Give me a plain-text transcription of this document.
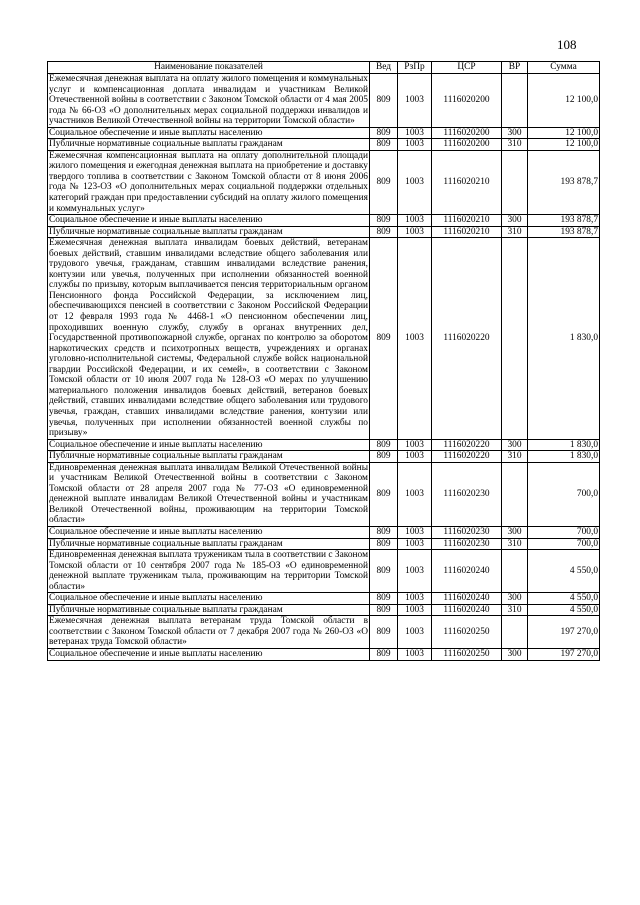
108
Наименование показателей	Вед	РзПр	ЦСР	ВР	Сумма
Ежемесячная денежная выплата на оплату жилого помещения и коммунальных услуг и компенсационная доплата инвалидам и участникам Великой Отечественной войны в соответствии с Законом Томской области от 4 мая 2005 года № 66-ОЗ «О дополнительных мерах социальной поддержки инвалидов и участников Великой Отечественной войны на территории Томской области»	809	1003	1116020200		12 100,0
Социальное обеспечение и иные выплаты населению	809	1003	1116020200	300	12 100,0
Публичные нормативные социальные выплаты гражданам	809	1003	1116020200	310	12 100,0
Ежемесячная компенсационная выплата на оплату дополнительной площади жилого помещения и ежегодная денежная выплата на приобретение и доставку твердого топлива в соответствии с Законом Томской области от 8 июня 2006 года № 123-ОЗ «О дополнительных мерах социальной поддержки отдельных категорий граждан при предоставлении субсидий на оплату жилого помещения и коммунальных услуг»	809	1003	1116020210		193 878,7
Социальное обеспечение и иные выплаты населению	809	1003	1116020210	300	193 878,7
Публичные нормативные социальные выплаты гражданам	809	1003	1116020210	310	193 878,7
Ежемесячная денежная выплата инвалидам боевых действий, ветеранам боевых действий, ставшим инвалидами вследствие общего заболевания или трудового увечья, гражданам, ставшим инвалидами вследствие ранения, контузии или увечья, полученных при исполнении обязанностей военной службы по призыву, которым выплачивается пенсия территориальным органом Пенсионного фонда Российской Федерации, за исключением лиц, обеспечивающихся пенсией в соответствии с Законом Российской Федерации от 12 февраля 1993 года № 4468-1 «О пенсионном обеспечении лиц, проходивших военную службу, службу в органах внутренних дел, Государственной противопожарной службе, органах по контролю за оборотом наркотических средств и психотропных веществ, учреждениях и органах уголовно-исполнительной системы, Федеральной службе войск национальной гвардии Российской Федерации, и их семей», в соответствии с Законом Томской области от 10 июля 2007 года № 128-ОЗ «О мерах по улучшению материального положения инвалидов боевых действий, ветеранов боевых действий, ставших инвалидами вследствие общего заболевания или трудового увечья, граждан, ставших инвалидами вследствие ранения, контузии или увечья, полученных при исполнении обязанностей военной службы по призыву»	809	1003	1116020220		1 830,0
Социальное обеспечение и иные выплаты населению	809	1003	1116020220	300	1 830,0
Публичные нормативные социальные выплаты гражданам	809	1003	1116020220	310	1 830,0
Единовременная денежная выплата инвалидам Великой Отечественной войны и участникам Великой Отечественной войны в соответствии с Законом Томской области от 28 апреля 2007 года № 77-ОЗ «О единовременной денежной выплате инвалидам Великой Отечественной войны и участникам Великой Отечественной войны, проживающим на территории Томской области»	809	1003	1116020230		700,0
Социальное обеспечение и иные выплаты населению	809	1003	1116020230	300	700,0
Публичные нормативные социальные выплаты гражданам	809	1003	1116020230	310	700,0
Единовременная денежная выплата труженикам тыла в соответствии с Законом Томской области от 10 сентября 2007 года № 185-ОЗ «О единовременной денежной выплате труженикам тыла, проживающим на территории Томской области»	809	1003	1116020240		4 550,0
Социальное обеспечение и иные выплаты населению	809	1003	1116020240	300	4 550,0
Публичные нормативные социальные выплаты гражданам	809	1003	1116020240	310	4 550,0
Ежемесячная денежная выплата ветеранам труда Томской области в соответствии с Законом Томской области от 7 декабря 2007 года № 260-ОЗ «О ветеранах труда Томской области»	809	1003	1116020250		197 270,0
Социальное обеспечение и иные выплаты населению	809	1003	1116020250	300	197 270,0
